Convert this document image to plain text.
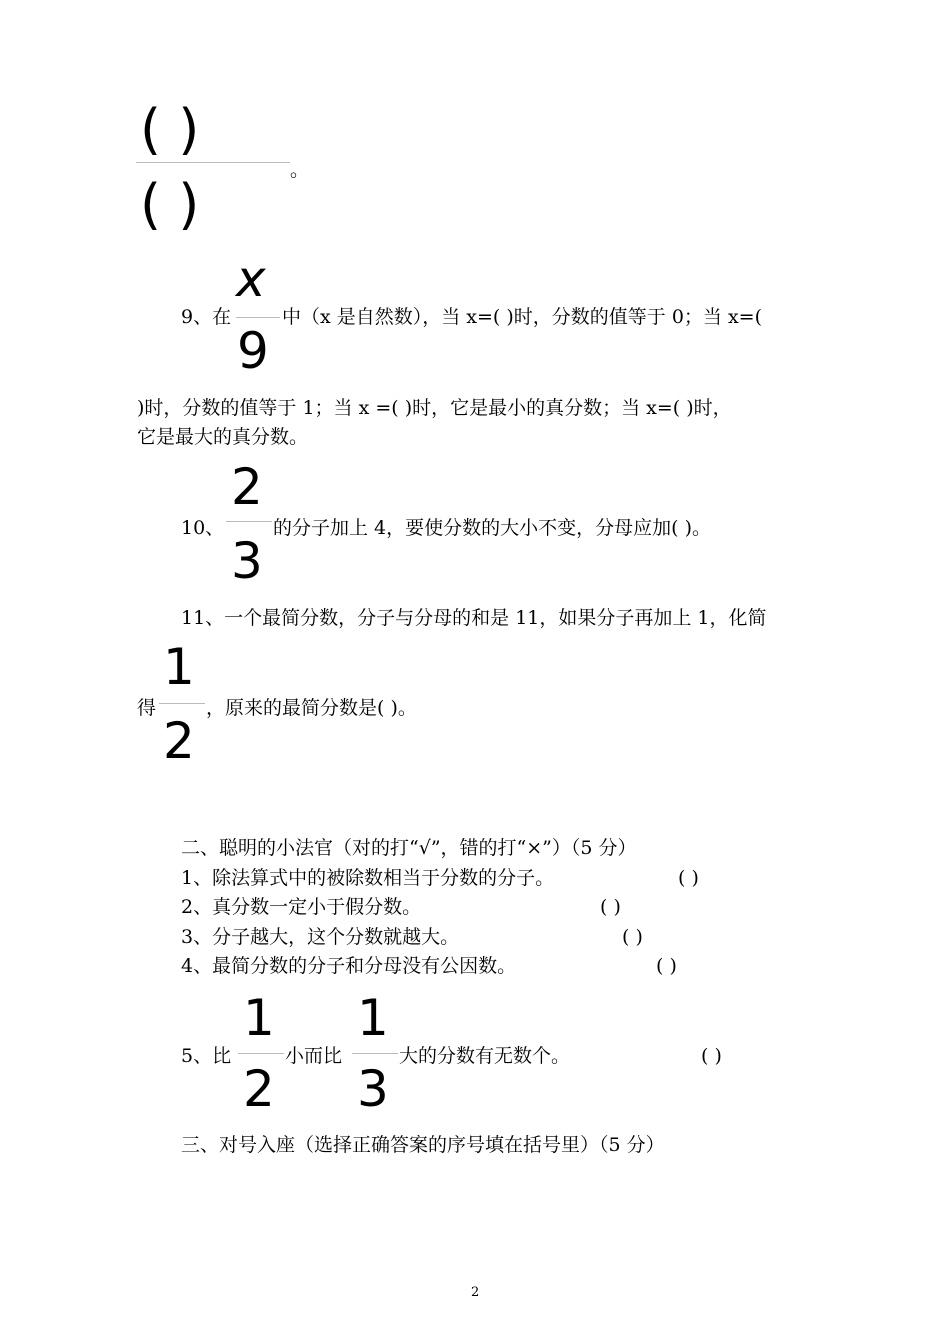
( )
。
( )
x
9、在	中（x 是自然数），当 x=( )时，分数的值等于 0；当 x=(
9
)时，分数的值等于 1；当 x =( )时，它是最小的真分数；当 x=( )时，
它是最大的真分数。
2
10、	的分子加上 4，要使分数的大小不变，分母应加( )。
3
11、一个最简分数，分子与分母的和是 11，如果分子再加上 1，化简
1
得	，原来的最简分数是( )。
2
二、聪明的小法官（对的打“√”，错的打“×”）（5 分）
1、除法算式中的被除数相当于分数的分子。	( )
2、真分数一定小于假分数。	( )
3、分子越大，这个分数就越大。	( )
4、最简分数的分子和分母没有公因数。	( )
1 1
5、比	小而比	大的分数有无数个。	( )
2 3
三、对号入座（选择正确答案的序号填在括号里）（5 分）
2
